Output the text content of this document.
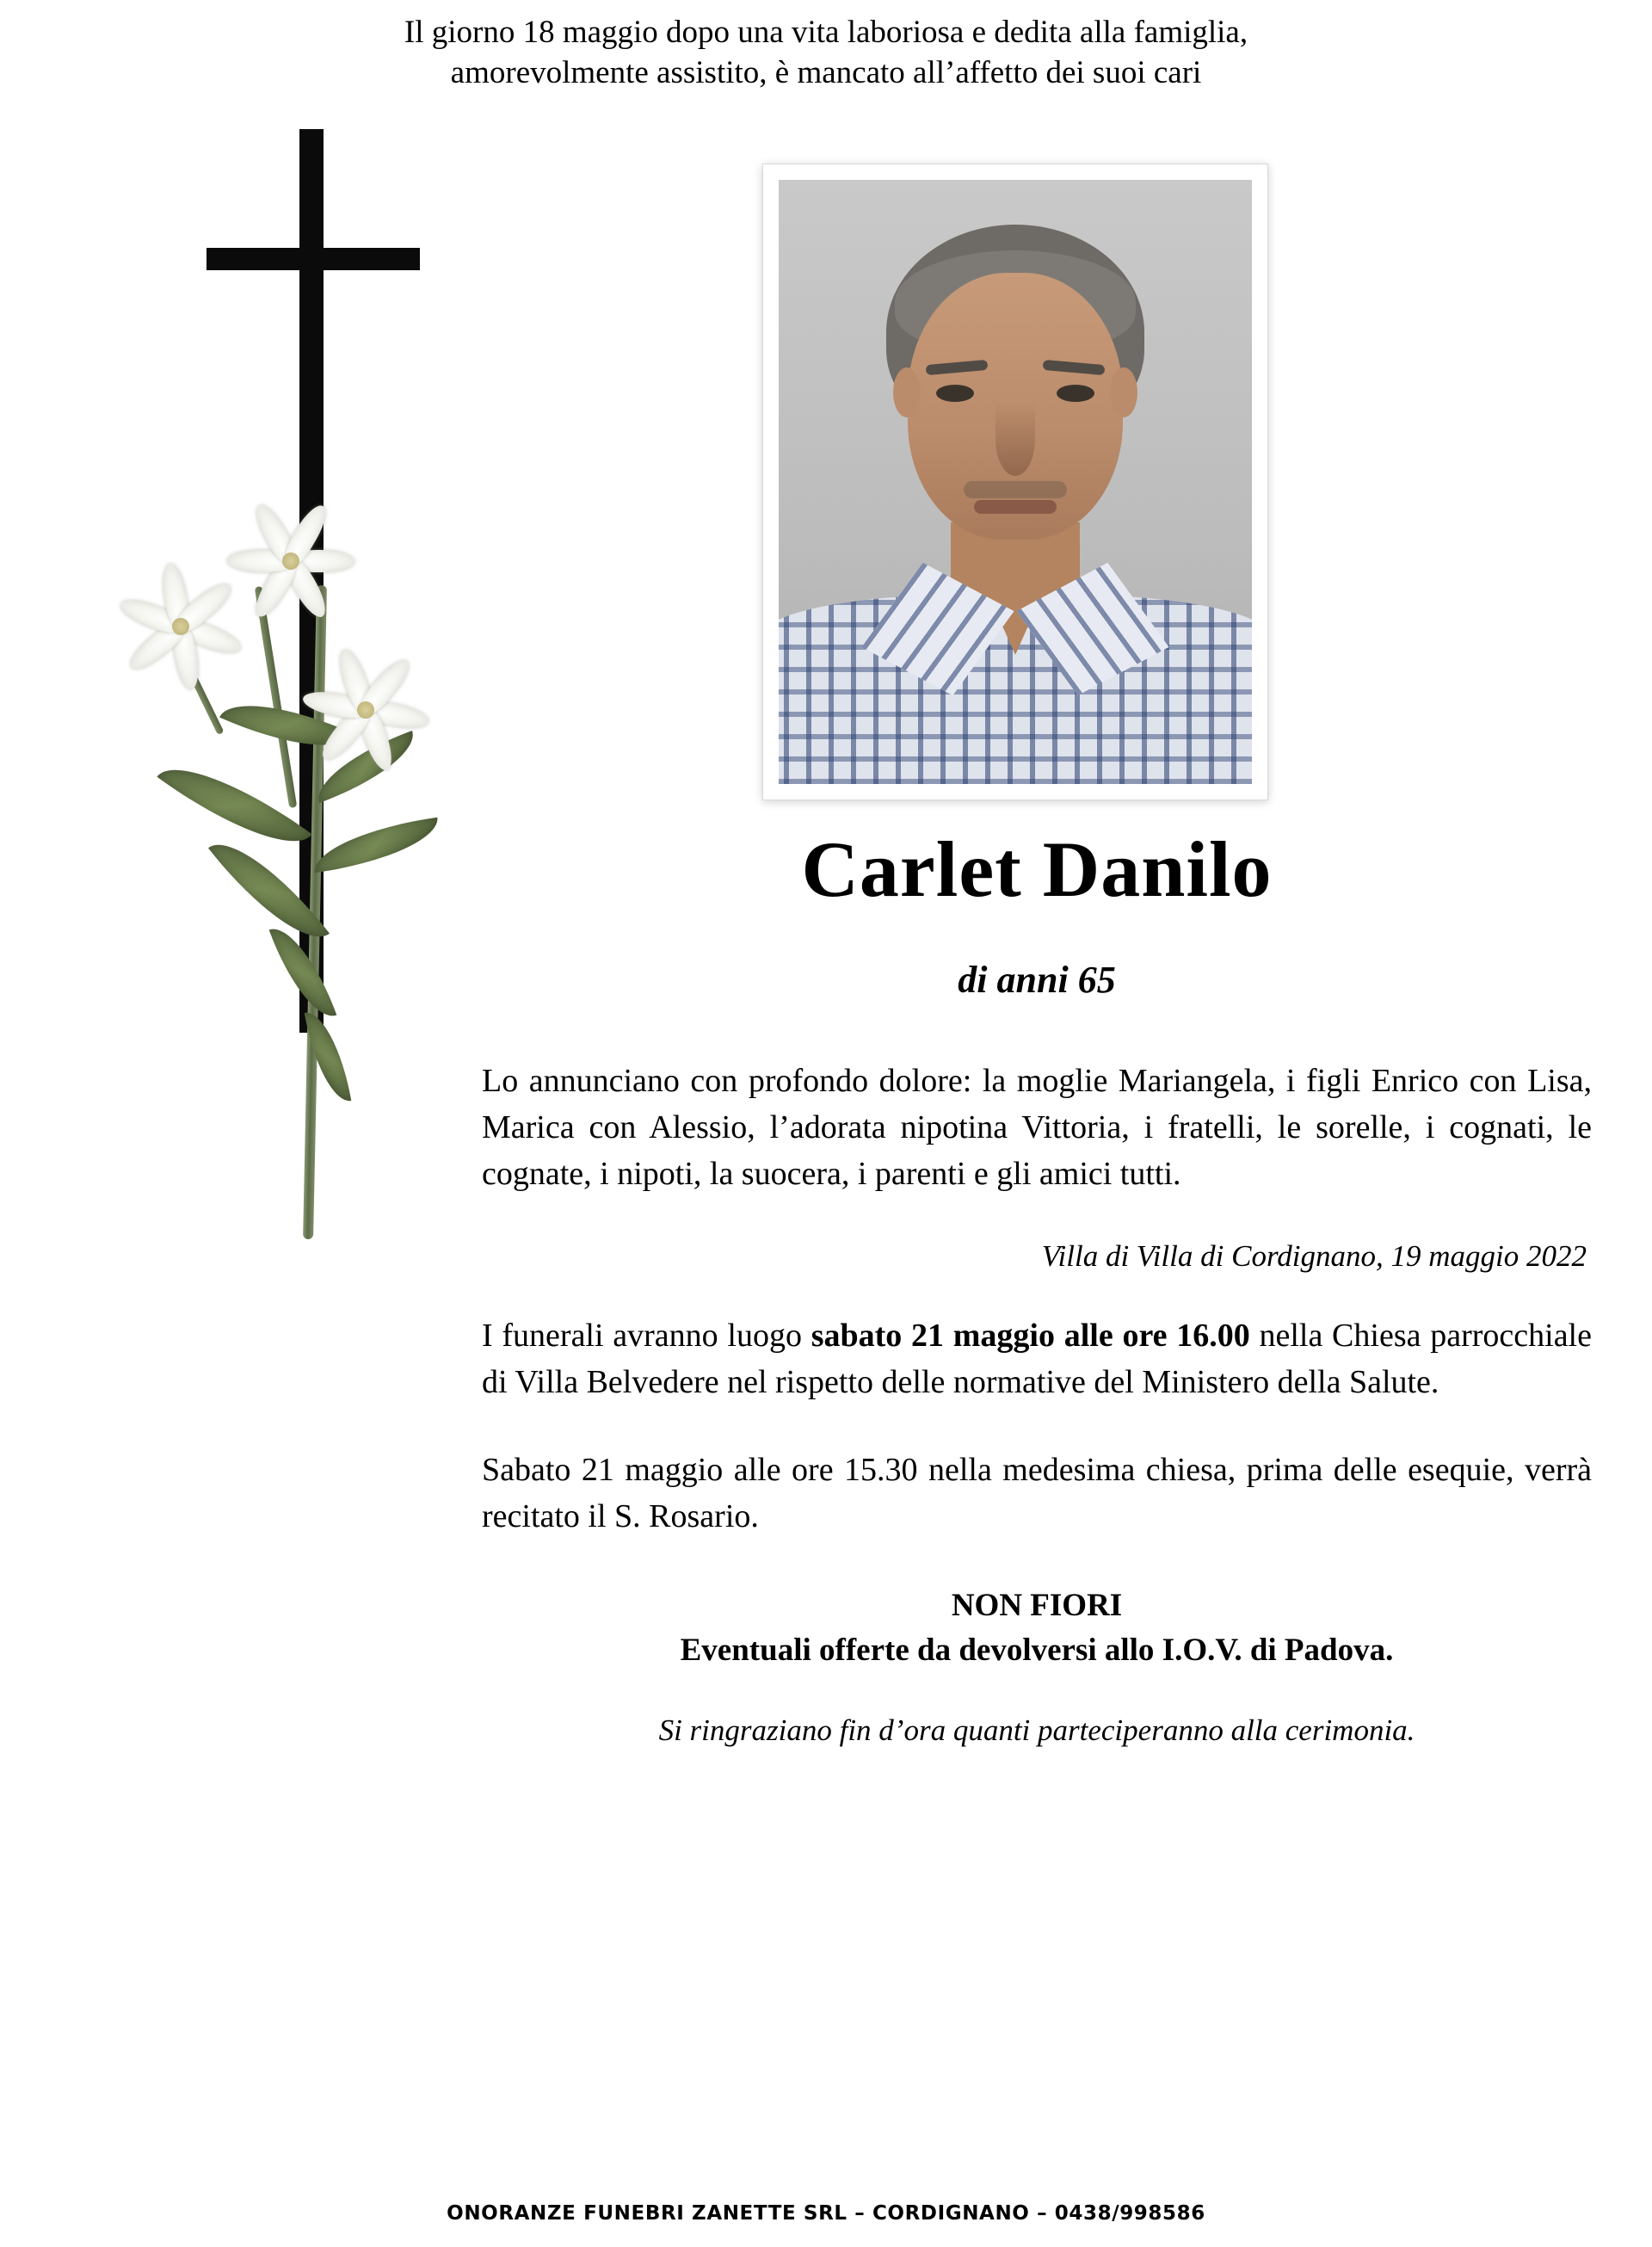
Il giorno 18 maggio dopo una vita laboriosa e dedita alla famiglia,
amorevolmente assistito, è mancato all’affetto dei suoi cari
Carlet Danilo
di anni 65
Lo annunciano con profondo dolore: la moglie Mariangela, i figli Enrico con Lisa, Marica con Alessio, l’adorata nipotina Vittoria, i fratelli, le sorelle, i cognati, le cognate, i nipoti, la suocera, i parenti e gli amici tutti.
Villa di Villa di Cordignano, 19 maggio 2022
I funerali avranno luogo sabato 21 maggio alle ore 16.00 nella Chiesa parrocchiale di Villa Belvedere nel rispetto delle normative del Ministero della Salute.
Sabato 21 maggio alle ore 15.30 nella medesima chiesa, prima delle esequie, verrà recitato il S. Rosario.
NON FIORI
Eventuali offerte da devolversi allo I.O.V. di Padova.
Si ringraziano fin d’ora quanti parteciperanno alla cerimonia.
ONORANZE FUNEBRI ZANETTE SRL – CORDIGNANO – 0438/998586
